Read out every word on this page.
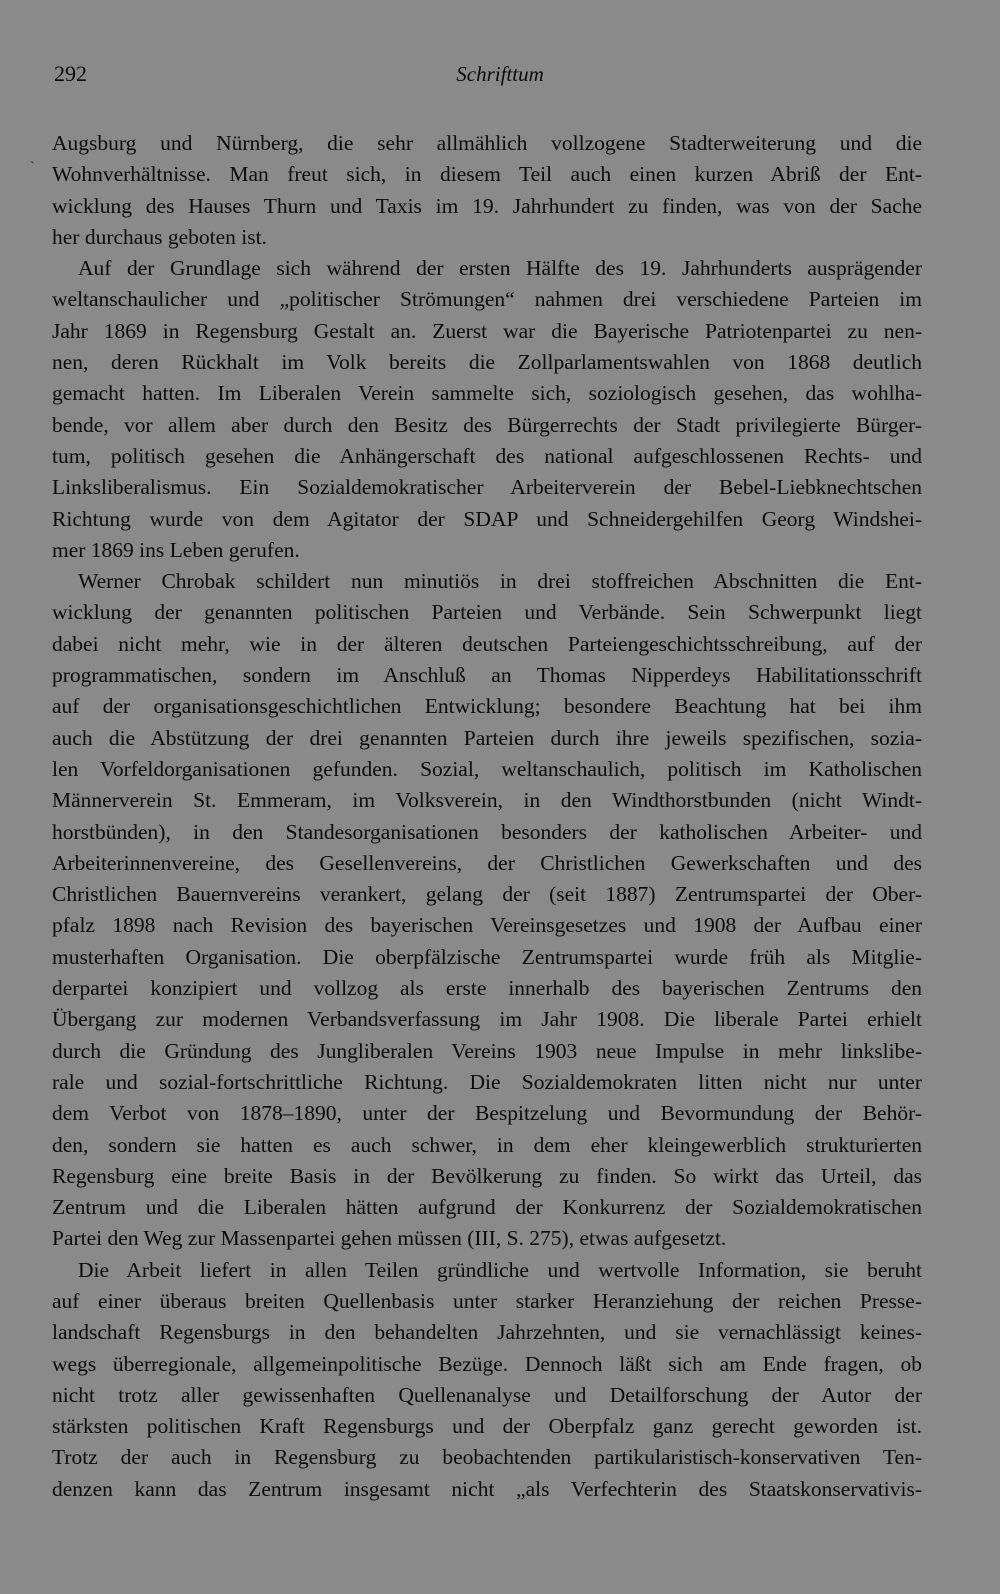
292	Schrifttum
`
Augsburg und Nürnberg, die sehr allmählich vollzogene Stadterweiterung und die
Wohnverhältnisse. Man freut sich, in diesem Teil auch einen kurzen Abriß der Ent-
wicklung des Hauses Thurn und Taxis im 19. Jahrhundert zu finden, was von der Sache
her durchaus geboten ist.
Auf der Grundlage sich während der ersten Hälfte des 19. Jahrhunderts ausprägender
weltanschaulicher und „politischer Strömungen“ nahmen drei verschiedene Parteien im
Jahr 1869 in Regensburg Gestalt an. Zuerst war die Bayerische Patriotenpartei zu nen-
nen, deren Rückhalt im Volk bereits die Zollparlamentswahlen von 1868 deutlich
gemacht hatten. Im Liberalen Verein sammelte sich, soziologisch gesehen, das wohlha-
bende, vor allem aber durch den Besitz des Bürgerrechts der Stadt privilegierte Bürger-
tum, politisch gesehen die Anhängerschaft des national aufgeschlossenen Rechts- und
Linksliberalismus. Ein Sozialdemokratischer Arbeiterverein der Bebel-Liebknechtschen
Richtung wurde von dem Agitator der SDAP und Schneidergehilfen Georg Windshei-
mer 1869 ins Leben gerufen.
Werner Chrobak schildert nun minutiös in drei stoffreichen Abschnitten die Ent-
wicklung der genannten politischen Parteien und Verbände. Sein Schwerpunkt liegt
dabei nicht mehr, wie in der älteren deutschen Parteiengeschichtsschreibung, auf der
programmatischen, sondern im Anschluß an Thomas Nipperdeys Habilitationsschrift
auf der organisationsgeschichtlichen Entwicklung; besondere Beachtung hat bei ihm
auch die Abstützung der drei genannten Parteien durch ihre jeweils spezifischen, sozia-
len Vorfeldorganisationen gefunden. Sozial, weltanschaulich, politisch im Katholischen
Männerverein St. Emmeram, im Volksverein, in den Windthorstbunden (nicht Windt-
horstbünden), in den Standesorganisationen besonders der katholischen Arbeiter- und
Arbeiterinnenvereine, des Gesellenvereins, der Christlichen Gewerkschaften und des
Christlichen Bauernvereins verankert, gelang der (seit 1887) Zentrumspartei der Ober-
pfalz 1898 nach Revision des bayerischen Vereinsgesetzes und 1908 der Aufbau einer
musterhaften Organisation. Die oberpfälzische Zentrumspartei wurde früh als Mitglie-
derpartei konzipiert und vollzog als erste innerhalb des bayerischen Zentrums den
Übergang zur modernen Verbandsverfassung im Jahr 1908. Die liberale Partei erhielt
durch die Gründung des Jungliberalen Vereins 1903 neue Impulse in mehr linkslibe-
rale und sozial-fortschrittliche Richtung. Die Sozialdemokraten litten nicht nur unter
dem Verbot von 1878–1890, unter der Bespitzelung und Bevormundung der Behör-
den, sondern sie hatten es auch schwer, in dem eher kleingewerblich strukturierten
Regensburg eine breite Basis in der Bevölkerung zu finden. So wirkt das Urteil, das
Zentrum und die Liberalen hätten aufgrund der Konkurrenz der Sozialdemokratischen
Partei den Weg zur Massenpartei gehen müssen (III, S. 275), etwas aufgesetzt.
Die Arbeit liefert in allen Teilen gründliche und wertvolle Information, sie beruht
auf einer überaus breiten Quellenbasis unter starker Heranziehung der reichen Presse-
landschaft Regensburgs in den behandelten Jahrzehnten, und sie vernachlässigt keines-
wegs überregionale, allgemeinpolitische Bezüge. Dennoch läßt sich am Ende fragen, ob
nicht trotz aller gewissenhaften Quellenanalyse und Detailforschung der Autor der
stärksten politischen Kraft Regensburgs und der Oberpfalz ganz gerecht geworden ist.
Trotz der auch in Regensburg zu beobachtenden partikularistisch-konservativen Ten-
denzen kann das Zentrum insgesamt nicht „als Verfechterin des Staatskonservativis-
